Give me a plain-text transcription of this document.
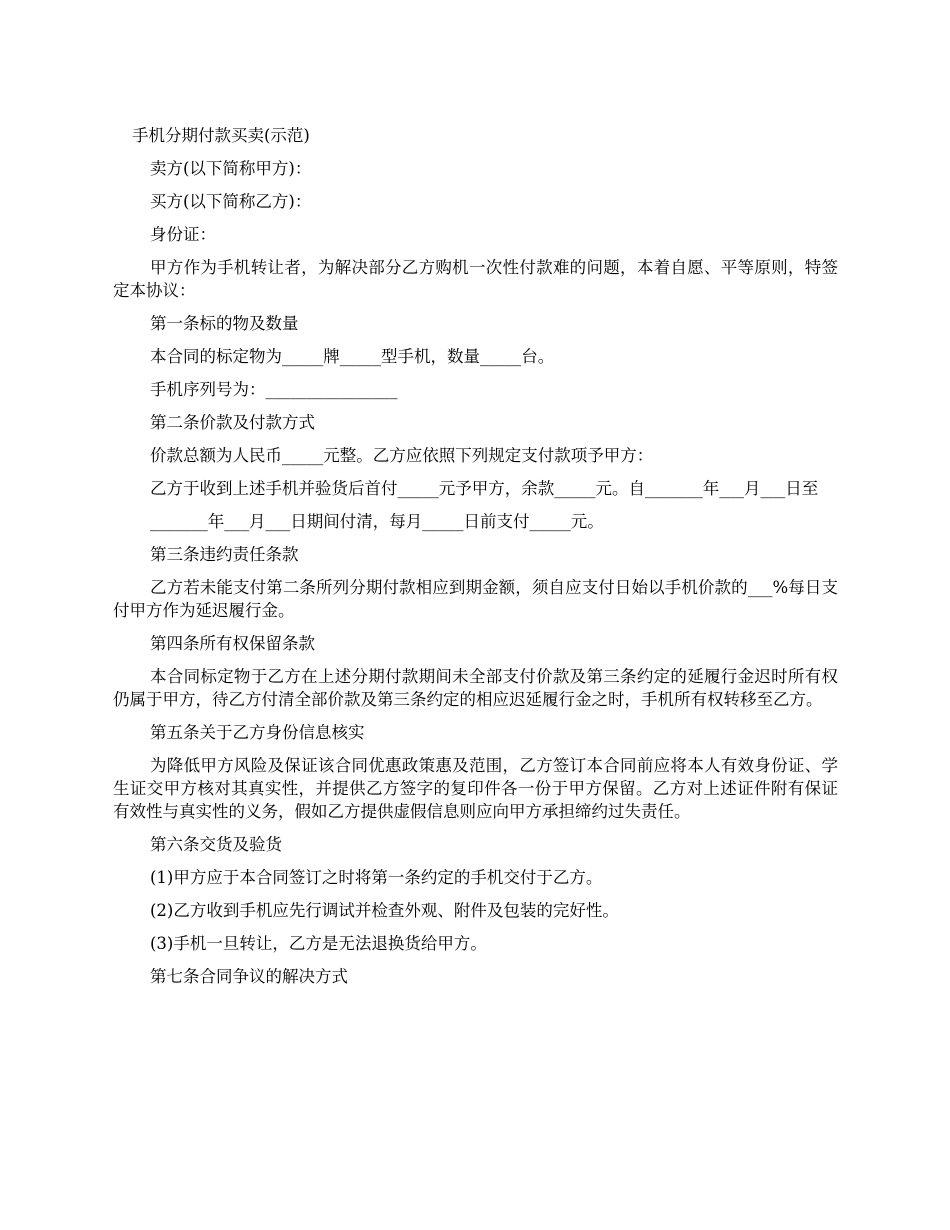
手机分期付款买卖(示范)

卖方(以下简称甲方)：

买方(以下简称乙方)：

身份证：

甲方作为手机转让者，为解决部分乙方购机一次性付款难的问题，本着自愿、平等原则，特签定本协议：

第一条标的物及数量

本合同的标定物为_____牌_____型手机，数量_____台。

手机序列号为：________________

第二条价款及付款方式

价款总额为人民币_____元整。乙方应依照下列规定支付款项予甲方：

乙方于收到上述手机并验货后首付_____元予甲方，余款_____元。自_______年___月___日至

_______年___月___日期间付清，每月_____日前支付_____元。

第三条违约责任条款

乙方若未能支付第二条所列分期付款相应到期金额，须自应支付日始以手机价款的___%每日支付甲方作为延迟履行金。

第四条所有权保留条款

本合同标定物于乙方在上述分期付款期间未全部支付价款及第三条约定的延履行金迟时所有权仍属于甲方，待乙方付清全部价款及第三条约定的相应迟延履行金之时，手机所有权转移至乙方。

第五条关于乙方身份信息核实

为降低甲方风险及保证该合同优惠政策惠及范围，乙方签订本合同前应将本人有效身份证、学生证交甲方核对其真实性，并提供乙方签字的复印件各一份于甲方保留。乙方对上述证件附有保证有效性与真实性的义务，假如乙方提供虚假信息则应向甲方承担缔约过失责任。

第六条交货及验货

(1)甲方应于本合同签订之时将第一条约定的手机交付于乙方。

(2)乙方收到手机应先行调试并检查外观、附件及包装的完好性。

(3)手机一旦转让，乙方是无法退换货给甲方。

第七条合同争议的解决方式
